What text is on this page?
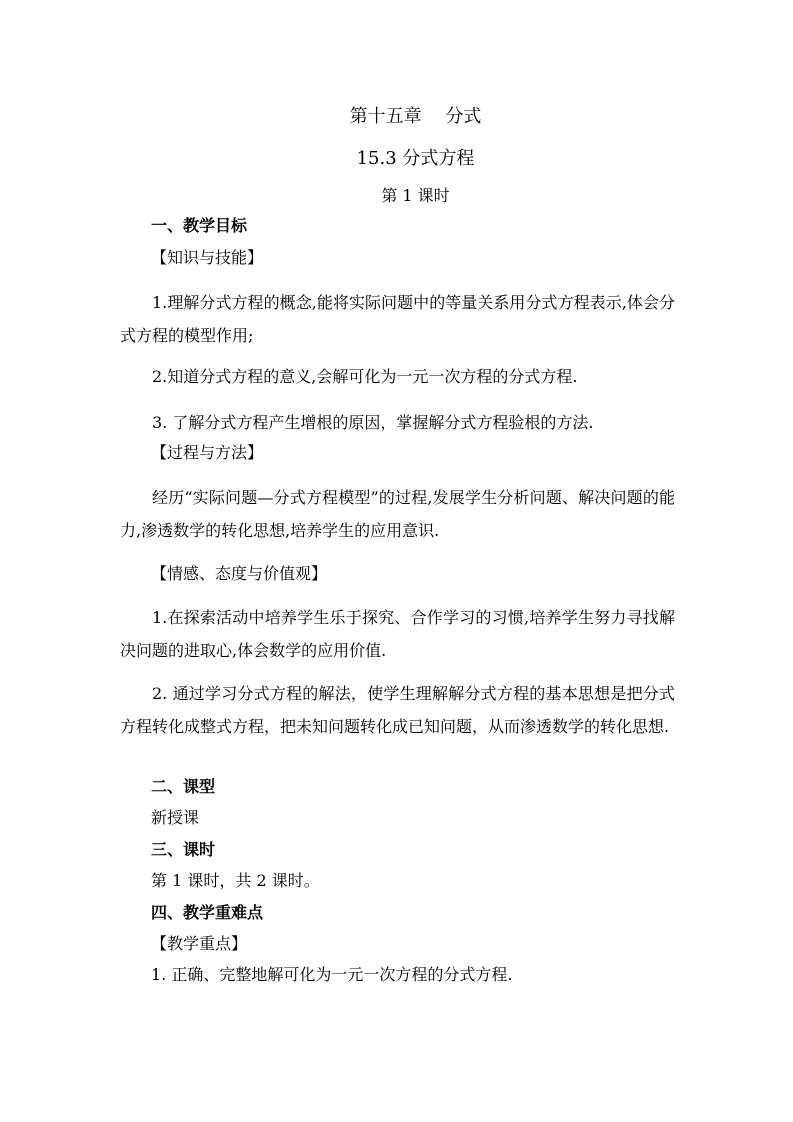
第十五章　 分式
15.3 分式方程
第 1 课时
一、教学目标
【知识与技能】
1.理解分式方程的概念,能将实际问题中的等量关系用分式方程表示,体会分式方程的模型作用;
2.知道分式方程的意义,会解可化为一元一次方程的分式方程.
3. 了解分式方程产生增根的原因，掌握解分式方程验根的方法.
【过程与方法】
经历“实际问题—分式方程模型”的过程,发展学生分析问题、解决问题的能力,渗透数学的转化思想,培养学生的应用意识.
【情感、态度与价值观】
1.在探索活动中培养学生乐于探究、合作学习的习惯,培养学生努力寻找解决问题的进取心,体会数学的应用价值.
2. 通过学习分式方程的解法，使学生理解解分式方程的基本思想是把分式方程转化成整式方程，把未知问题转化成已知问题，从而渗透数学的转化思想.
二、课型
新授课
三、课时
第 1 课时，共 2 课时。
四、教学重难点
【教学重点】
1. 正确、完整地解可化为一元一次方程的分式方程.
